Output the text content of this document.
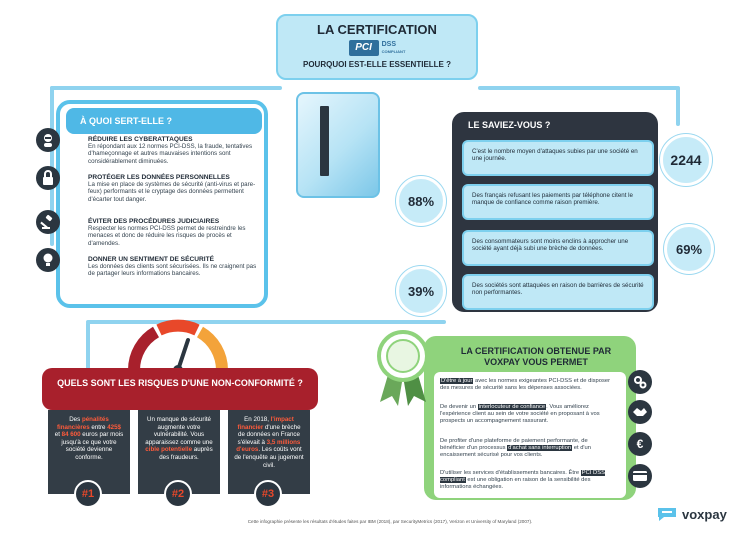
LA CERTIFICATION
PCI	DSS
COMPLIANT
POURQUOI EST-ELLE ESSENTIELLE ?
À QUOI SERT-ELLE ?
RÉDUIRE LES CYBERATTAQUES
En répondant aux 12 normes PCI-DSS, la fraude, tentatives d'hameçonnage et autres mauvaises intentions sont considérablement diminuées.
PROTÉGER LES DONNÉES PERSONNELLES
La mise en place de systèmes de sécurité (anti-virus et pare-feux) performants et le cryptage des données permettent d'écarter tout danger.
ÉVITER DES PROCÉDURES JUDICIAIRES
Respecter les normes PCI-DSS permet de restreindre les menaces et donc de réduire les risques de procès et d'amendes.
DONNER UN SENTIMENT DE SÉCURITÉ
Les données des clients sont sécurisées. Ils ne craignent pas de partager leurs informations bancaires.
LE SAVIEZ-VOUS ?
C'est le nombre moyen d'attaques subies par une société en une journée.	2244
Des français refusant les paiements par téléphone citent le manque de confiance comme raison première.
88%
Des consommateurs sont moins enclins à approcher une société ayant déjà subi une brèche de données.	69%
Des sociétés sont attaquées en raison de barrières de sécurité non performantes.
39%
QUELS SONT LES RISQUES D'UNE NON-CONFORMITÉ ?
Des pénalités financières entre 425$ et 84 600 euros par mois jusqu'à ce que votre société devienne conforme.
Un manque de sécurité augmente votre vulnérabilité. Vous apparaissez comme une cible potentielle auprès des fraudeurs.
En 2018, l'impact financier d'une brèche de données en France s'élevait à 3,5 millions d'euros. Les coûts vont de l'enquête au jugement civil.
#1	#2	#3
LA CERTIFICATION OBTENUE PAR VOXPAY VOUS PERMET
D'être à jour avec les normes exigeantes PCI-DSS et de disposer des mesures de sécurité sans les dépenses associées.
De devenir un interlocuteur de confiance. Vous améliorez l'expérience client au sein de votre société en proposant à vos prospects un accompagnement rassurant.
De profiter d'une plateforme de paiement performante, de bénéficier d'un processus d'achat sans interruption et d'un encaissement sécurisé pour vos clients.
D'utiliser les services d'établissements bancaires. Être PCI DSS compliant est une obligation en raison de la sensibilité des informations échangées.
€
Cette infographie présente les résultats d'études faites par IBM (2018), par SecurityMetrics (2017), Verizon et University of Maryland (2007).	voxpay
